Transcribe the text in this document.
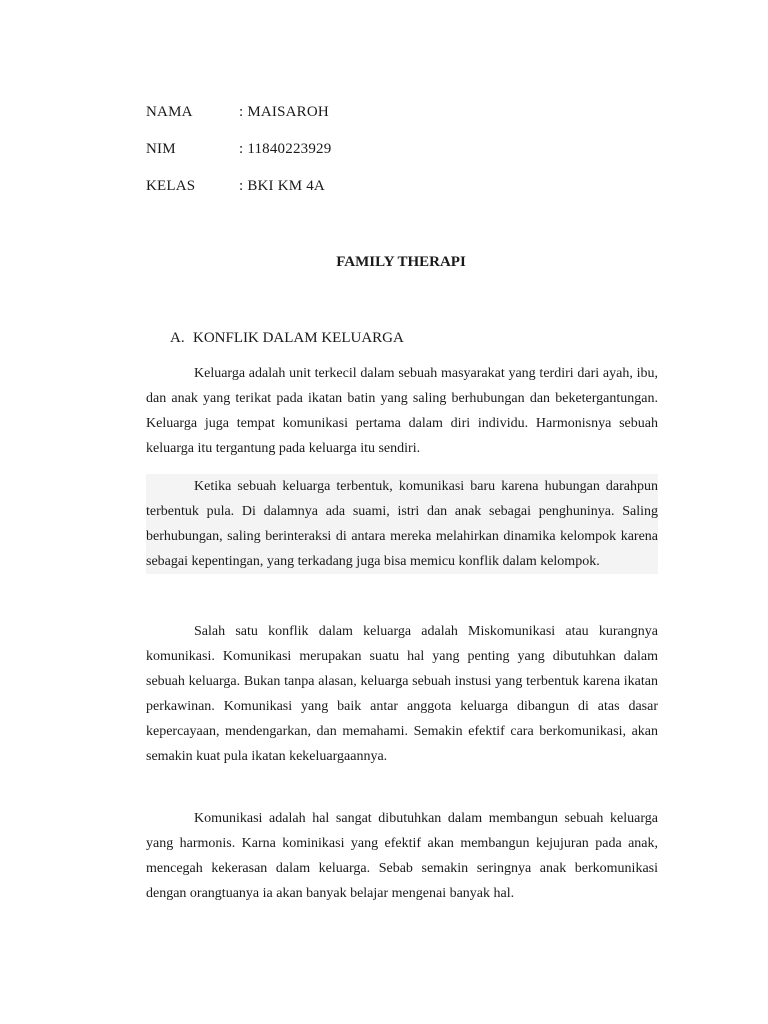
NAMA	: MAISAROH
NIM	: 11840223929
KELAS	: BKI KM 4A
FAMILY THERAPI
A. KONFLIK DALAM KELUARGA

Keluarga adalah unit terkecil dalam sebuah masyarakat yang terdiri dari ayah, ibu, dan anak yang terikat pada ikatan batin yang saling berhubungan dan beketergantungan. Keluarga juga tempat komunikasi pertama dalam diri individu. Harmonisnya sebuah keluarga itu tergantung pada keluarga itu sendiri.

Ketika sebuah keluarga terbentuk, komunikasi baru karena hubungan darahpun terbentuk pula. Di dalamnya ada suami, istri dan anak sebagai penghuninya. Saling berhubungan, saling berinteraksi di antara mereka melahirkan dinamika kelompok karena sebagai kepentingan, yang terkadang juga bisa memicu konflik dalam kelompok.

Salah satu konflik dalam keluarga adalah Miskomunikasi atau kurangnya komunikasi. Komunikasi merupakan suatu hal yang penting yang dibutuhkan dalam sebuah keluarga. Bukan tanpa alasan, keluarga sebuah instusi yang terbentuk karena ikatan perkawinan. Komunikasi yang baik antar anggota keluarga dibangun di atas dasar kepercayaan, mendengarkan, dan memahami. Semakin efektif cara berkomunikasi, akan semakin kuat pula ikatan kekeluargaannya.

Komunikasi adalah hal sangat dibutuhkan dalam membangun sebuah keluarga yang harmonis. Karna kominikasi yang efektif akan membangun kejujuran pada anak, mencegah kekerasan dalam keluarga. Sebab semakin seringnya anak berkomunikasi dengan orangtuanya ia akan banyak belajar mengenai banyak hal.
